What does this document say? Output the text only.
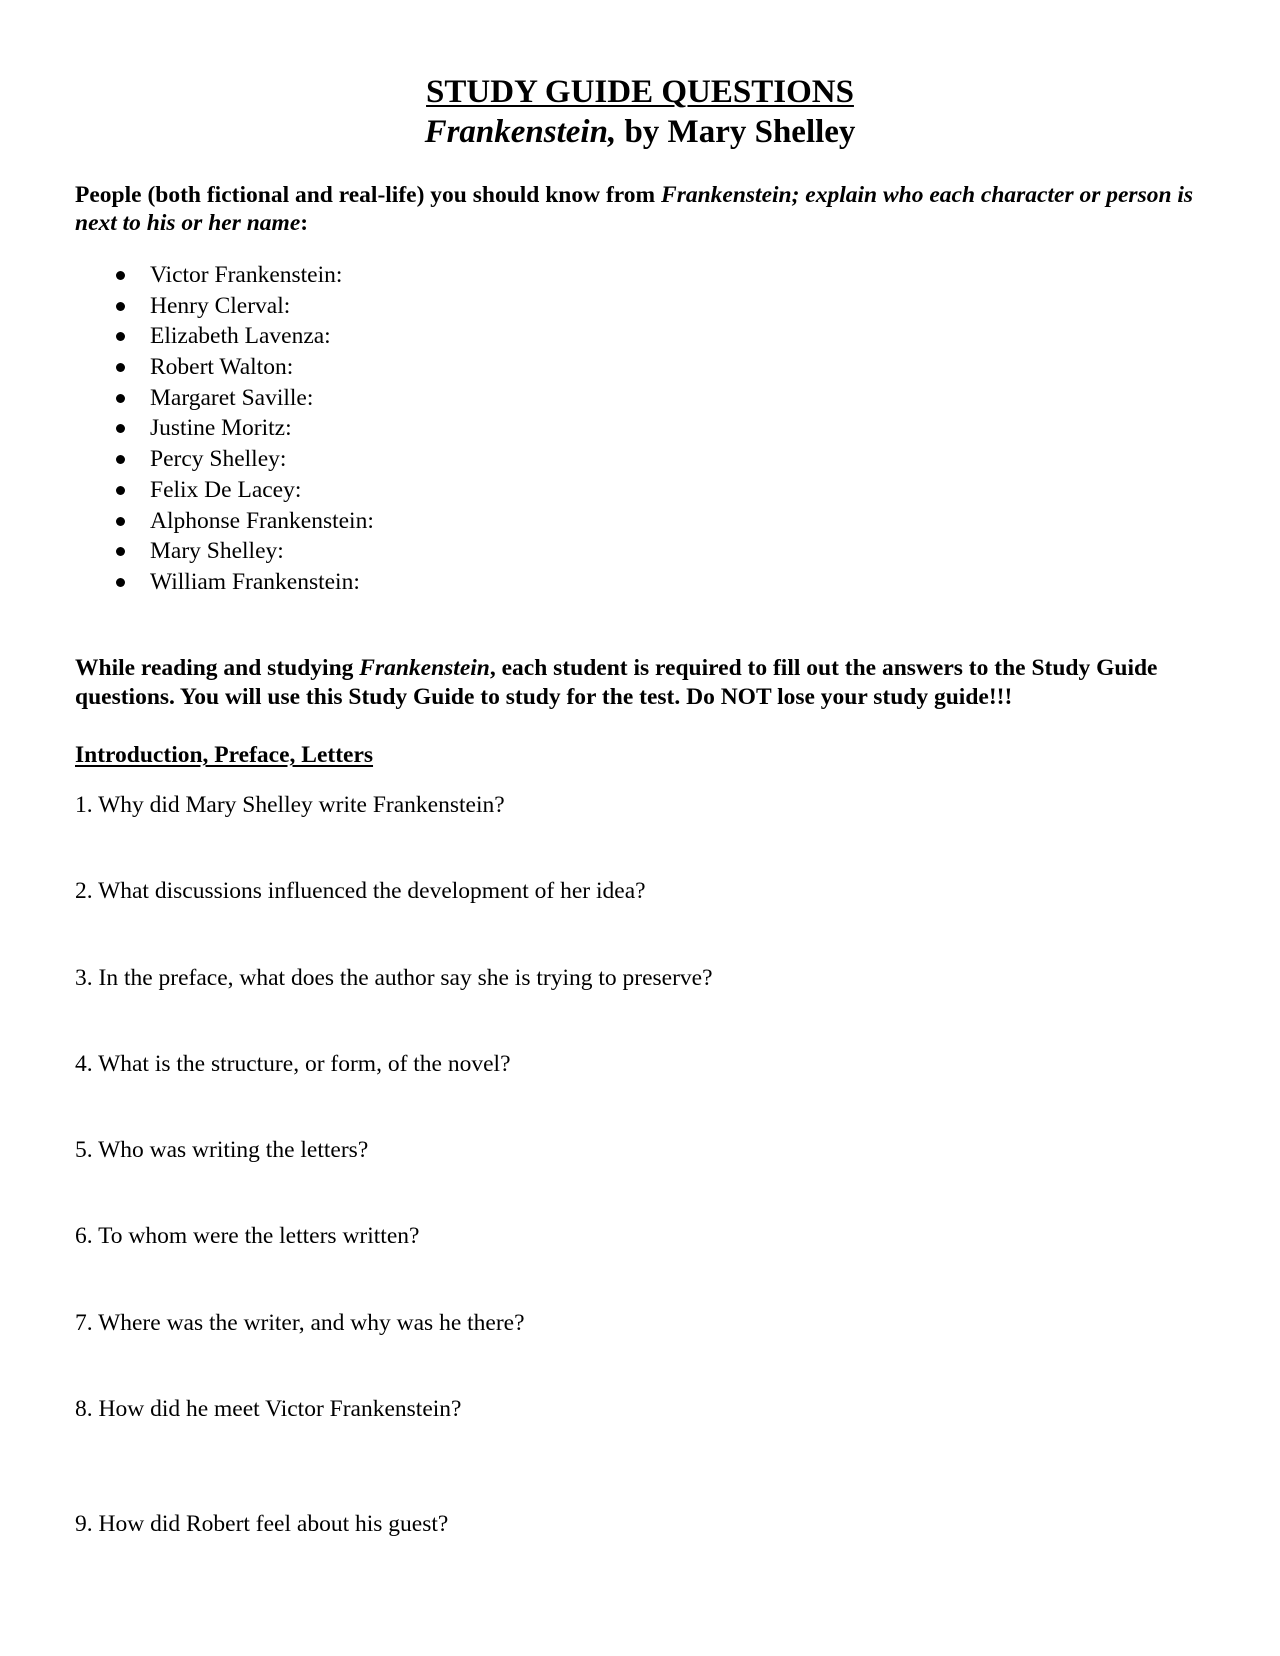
STUDY GUIDE QUESTIONS
Frankenstein, by Mary Shelley
People (both fictional and real-life) you should know from Frankenstein; explain who each character or person is next to his or her name:
Victor Frankenstein:
Henry Clerval:
Elizabeth Lavenza:
Robert Walton:
Margaret Saville:
Justine Moritz:
Percy Shelley:
Felix De Lacey:
Alphonse Frankenstein:
Mary Shelley:
William Frankenstein:
While reading and studying Frankenstein, each student is required to fill out the answers to the Study Guide questions. You will use this Study Guide to study for the test. Do NOT lose your study guide!!!
Introduction, Preface, Letters
1. Why did Mary Shelley write Frankenstein?
2. What discussions influenced the development of her idea?
3. In the preface, what does the author say she is trying to preserve?
4. What is the structure, or form, of the novel?
5. Who was writing the letters?
6. To whom were the letters written?
7. Where was the writer, and why was he there?
8. How did he meet Victor Frankenstein?
9. How did Robert feel about his guest?
